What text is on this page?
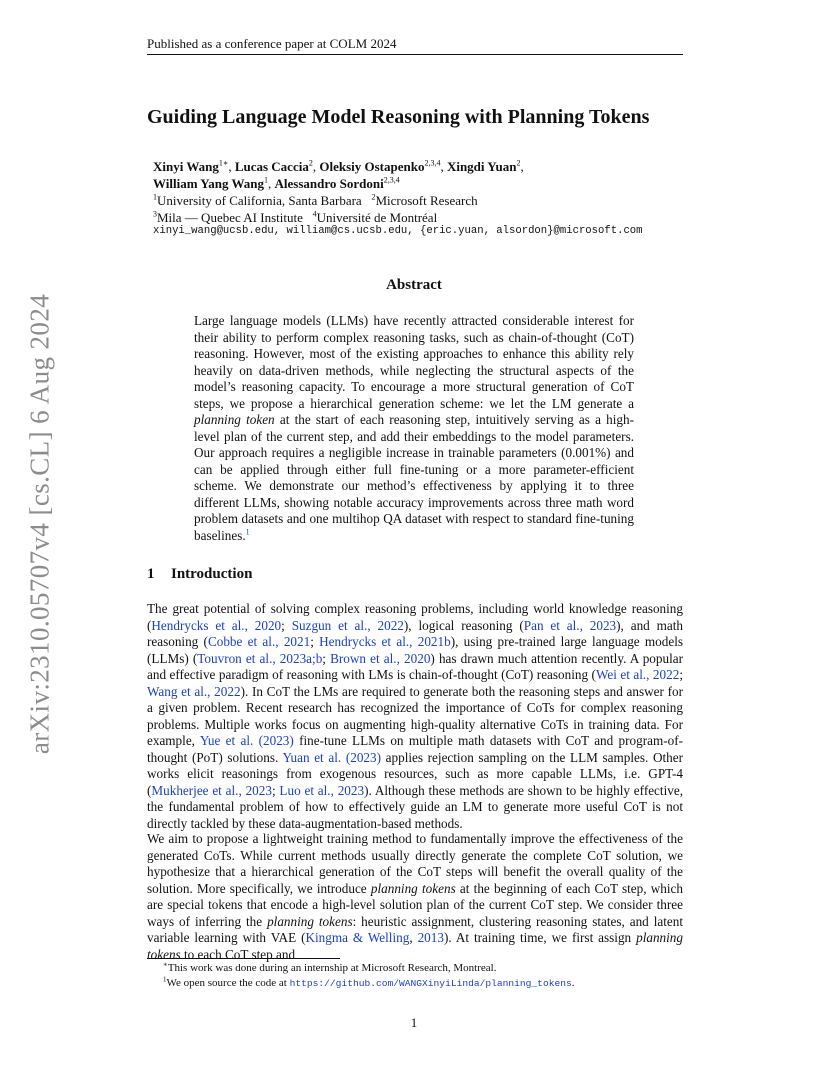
arXiv:2310.05707v4 [cs.CL] 6 Aug 2024
Published as a conference paper at COLM 2024
Guiding Language Model Reasoning with Planning Tokens
Xinyi Wang$^{1∗}$, Lucas Caccia$^2$, Oleksiy Ostapenko$^{2,3,4}$, Xingdi Yuan$^2$,
William Yang Wang$^1$, Alessandro Sordoni$^{2,3,4}$
$^1$University of California, Santa Barbara $^2$Microsoft Research
$^3$Mila — Quebec AI Institute $^4$Université de Montréal
xinyi_wang@ucsb.edu, william@cs.ucsb.edu, {eric.yuan, alsordon}@microsoft.com
Abstract
Large language models (LLMs) have recently attracted considerable interest for their ability to perform complex reasoning tasks, such as chain-of-thought (CoT) reasoning. However, most of the existing approaches to enhance this ability rely heavily on data-driven methods, while neglecting the structural aspects of the model’s reasoning capacity. To encourage a more structural generation of CoT steps, we propose a hierarchical generation scheme: we let the LM generate a planning token at the start of each reasoning step, intuitively serving as a high-level plan of the current step, and add their embeddings to the model parameters. Our approach requires a negligible increase in trainable parameters (0.001%) and can be applied through either full fine-tuning or a more parameter-efficient scheme. We demonstrate our method’s effectiveness by applying it to three different LLMs, showing notable accuracy improvements across three math word problem datasets and one multihop QA dataset with respect to standard fine-tuning baselines.$^1$
1 Introduction
The great potential of solving complex reasoning problems, including world knowledge reasoning (Hendrycks et al., 2020; Suzgun et al., 2022), logical reasoning (Pan et al., 2023), and math reasoning (Cobbe et al., 2021; Hendrycks et al., 2021b), using pre-trained large language models (LLMs) (Touvron et al., 2023a;b; Brown et al., 2020) has drawn much attention recently. A popular and effective paradigm of reasoning with LMs is chain-of-thought (CoT) reasoning (Wei et al., 2022; Wang et al., 2022). In CoT the LMs are required to generate both the reasoning steps and answer for a given problem. Recent research has recognized the importance of CoTs for complex reasoning problems. Multiple works focus on augmenting high-quality alternative CoTs in training data. For example, Yue et al. (2023) fine-tune LLMs on multiple math datasets with CoT and program-of-thought (PoT) solutions. Yuan et al. (2023) applies rejection sampling on the LLM samples. Other works elicit reasonings from exogenous resources, such as more capable LLMs, i.e. GPT-4 (Mukherjee et al., 2023; Luo et al., 2023). Although these methods are shown to be highly effective, the fundamental problem of how to effectively guide an LM to generate more useful CoT is not directly tackled by these data-augmentation-based methods.
We aim to propose a lightweight training method to fundamentally improve the effectiveness of the generated CoTs. While current methods usually directly generate the complete CoT solution, we hypothesize that a hierarchical generation of the CoT steps will benefit the overall quality of the solution. More specifically, we introduce planning tokens at the beginning of each CoT step, which are special tokens that encode a high-level solution plan of the current CoT step. We consider three ways of inferring the planning tokens: heuristic assignment, clustering reasoning states, and latent variable learning with VAE (Kingma & Welling, 2013). At training time, we first assign planning tokens to each CoT step and
∗This work was done during an internship at Microsoft Research, Montreal.
$^1$We open source the code at https://github.com/WANGXinyiLinda/planning_tokens.
1
